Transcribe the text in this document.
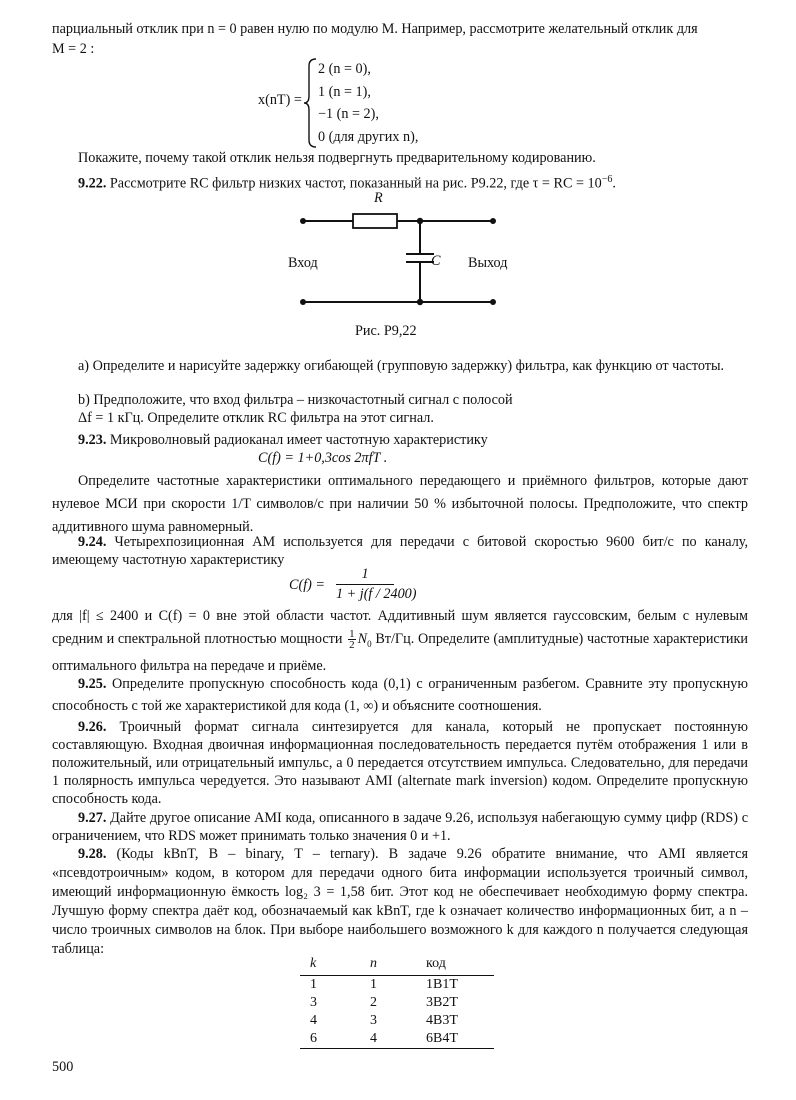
парциальный отклик при n = 0 равен нулю по модулю M. Например, рассмотрите желательный отклик для
M = 2 :
x(nT) =
2 (n = 0),
1 (n = 1),
−1 (n = 2),
0 (для других n),
Покажите, почему такой отклик нельзя подвергнуть предварительному кодированию.
9.22. Рассмотрите RC фильтр низких частот, показанный на рис. P9.22, где τ = RC = $10^{-6}$.
R
C
Вход	Выход
Рис. P9,22
a) Определите и нарисуйте задержку огибающей (групповую задержку) фильтра, как функцию от частоты.
b) Предположите, что вход фильтра – низкочастотный сигнал с полосой
Δf = 1 кГц. Определите отклик RC фильтра на этот сигнал.
9.23. Микроволновый радиоканал имеет частотную характеристику
C(f) = 1+0,3cos 2πfT .
Определите частотные характеристики оптимального передающего и приёмного фильтров, которые дают нулевое МСИ при скорости 1/T символов/с при наличии 50 % избыточной полосы. Предположите, что спектр аддитивного шума равномерный.
9.24. Четырехпозиционная АМ используется для передачи с битовой скоростью 9600 бит/с по каналу, имеющему частотную характеристику
$C(f) = \frac{1}{1 + j(f / 2400)}$
для |f| ≤ 2400 и C(f) = 0 вне этой области частот. Аддитивный шум является гауссовским, белым с нулевым средним и спектральной плотностью мощности $\frac{1}{2} N_0$ Вт/Гц. Определите (амплитудные) частотные характеристики оптимального фильтра на передаче и приёме.
9.25. Определите пропускную способность кода (0,1) с ограниченным разбегом. Сравните эту пропускную способность с той же характеристикой для кода (1, ∞) и объясните соотношения.
9.26. Троичный формат сигнала синтезируется для канала, который не пропускает постоянную составляющую. Входная двоичная информационная последовательность передается путём отображения 1 или в положительный, или отрицательный импульс, а 0 передается отсутствием импульса. Следовательно, для передачи 1 полярность импульса чередуется. Это называют AMI (alternate mark inversion) кодом. Определите пропускную способность кода.
9.27. Дайте другое описание AMI кода, описанного в задаче 9.26, используя набегающую сумму цифр (RDS) с ограничением, что RDS может принимать только значения 0 и +1.
9.28. (Коды kBnT, B – binary, T – ternary). В задаче 9.26 обратите внимание, что AMI является «псевдотроичным» кодом, в котором для передачи одного бита информации используется троичный символ, имеющий информационную ёмкость log₂ 3 = 1,58 бит. Этот код не обеспечивает необходимую форму спектра. Лучшую форму спектра даёт код, обозначаемый как kBnT, где k означает количество информационных бит, а n – число троичных символов на блок. При выборе наибольшего возможного k для каждого n получается следующая таблица:
k	n	код
1	1	1B1T
3	2	3B2T
4	3	4B3T
6	4	6B4T
500
